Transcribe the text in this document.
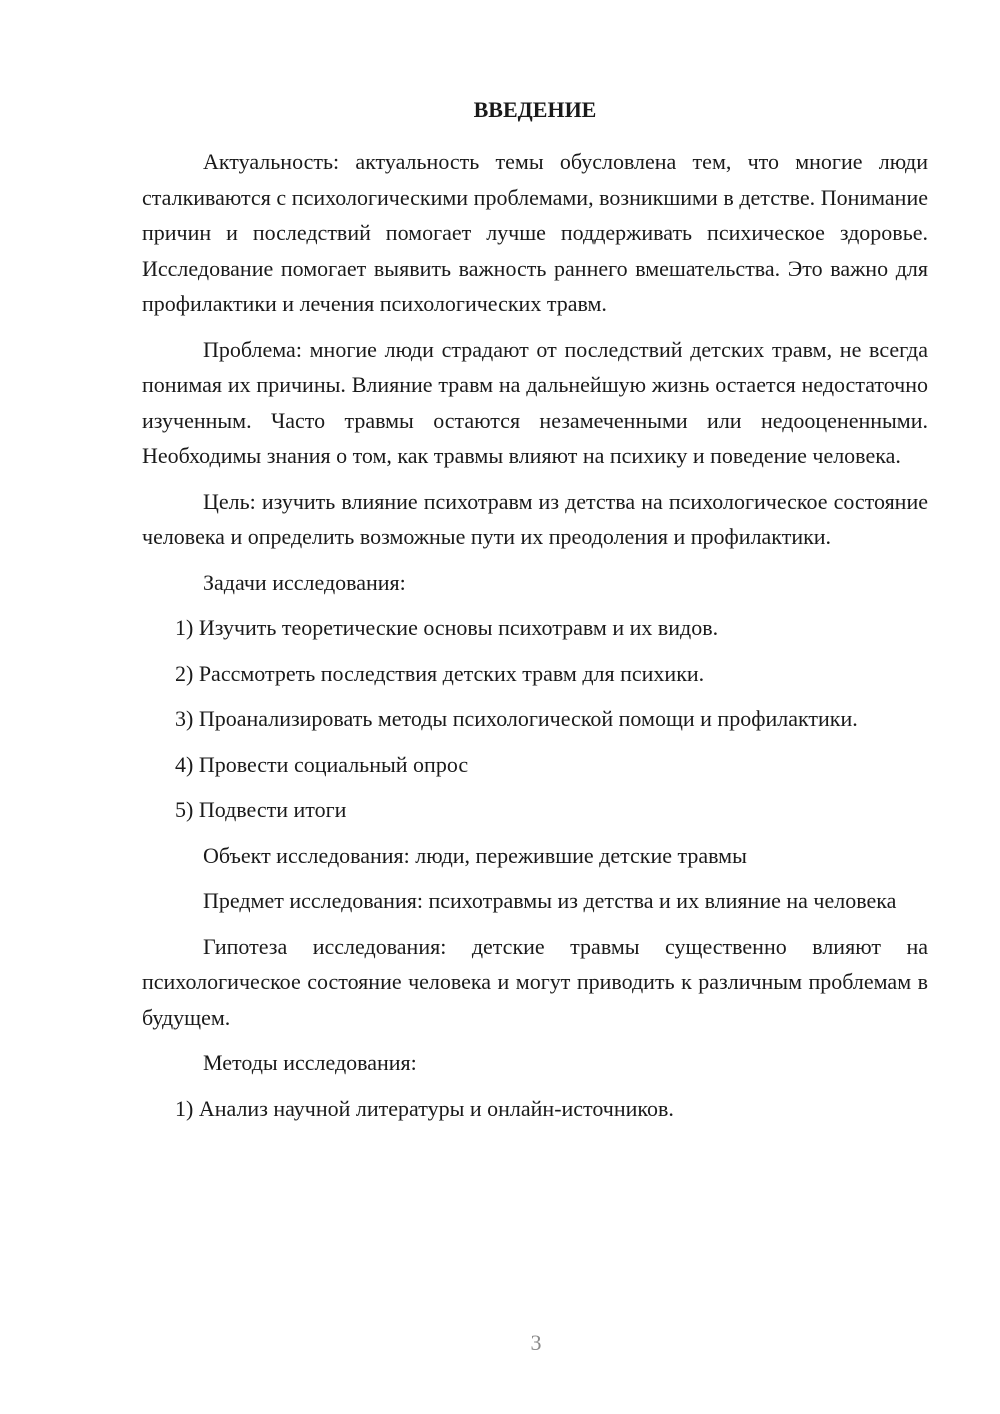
ВВЕДЕНИЕ

Актуальность: актуальность темы обусловлена тем, что многие люди сталкиваются с психологическими проблемами, возникшими в детстве. Понимание причин и последствий помогает лучше поддерживать психическое здоровье. Исследование помогает выявить важность раннего вмешательства. Это важно для профилактики и лечения психологических травм.

Проблема: многие люди страдают от последствий детских травм, не всегда понимая их причины. Влияние травм на дальнейшую жизнь остается недостаточно изученным. Часто травмы остаются незамеченными или недооцененными. Необходимы знания о том, как травмы влияют на психику и поведение человека.

Цель: изучить влияние психотравм из детства на психологическое состояние человека и определить возможные пути их преодоления и профилактики.

Задачи исследования:

1) Изучить теоретические основы психотравм и их видов.

2) Рассмотреть последствия детских травм для психики.

3) Проанализировать методы психологической помощи и профилактики.

4) Провести социальный опрос

5) Подвести итоги

Объект исследования: люди, пережившие детские травмы

Предмет исследования: психотравмы из детства и их влияние на человека

Гипотеза исследования: детские травмы существенно влияют на психологическое состояние человека и могут приводить к различным проблемам в будущем.

Методы исследования:

1) Анализ научной литературы и онлайн-источников.

3
